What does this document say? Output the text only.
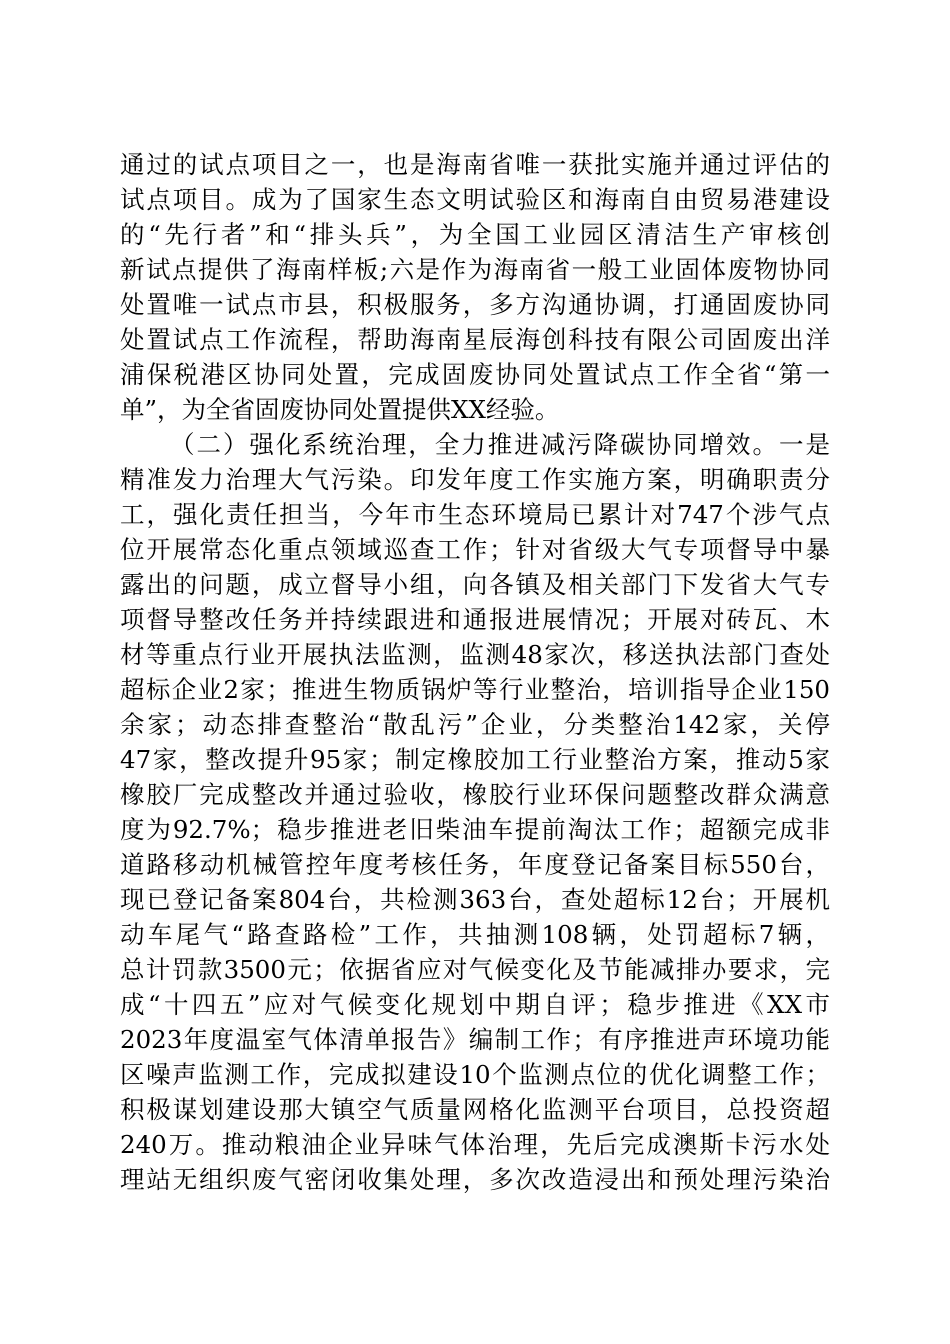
通过的试点项目之一，也是海南省唯一获批实施并通过评估的
试点项目。成为了国家生态文明试验区和海南自由贸易港建设
的“先行者”和“排头兵”，为全国工业园区清洁生产审核创
新试点提供了海南样板;六是作为海南省一般工业固体废物协同
处置唯一试点市县，积极服务，多方沟通协调，打通固废协同
处置试点工作流程，帮助海南星辰海创科技有限公司固废出洋
浦保税港区协同处置，完成固废协同处置试点工作全省“第一
单”，为全省固废协同处置提供XX经验。
（二）强化系统治理，全力推进减污降碳协同增效。一是
精准发力治理大气污染。印发年度工作实施方案，明确职责分
工，强化责任担当，今年市生态环境局已累计对747个涉气点
位开展常态化重点领域巡查工作；针对省级大气专项督导中暴
露出的问题，成立督导小组，向各镇及相关部门下发省大气专
项督导整改任务并持续跟进和通报进展情况；开展对砖瓦、木
材等重点行业开展执法监测，监测48家次，移送执法部门查处
超标企业2家；推进生物质锅炉等行业整治，培训指导企业150
余家；动态排查整治“散乱污”企业，分类整治142家，关停
47家，整改提升95家；制定橡胶加工行业整治方案，推动5家
橡胶厂完成整改并通过验收，橡胶行业环保问题整改群众满意
度为92.7%；稳步推进老旧柴油车提前淘汰工作；超额完成非
道路移动机械管控年度考核任务，年度登记备案目标550台，
现已登记备案804台，共检测363台，查处超标12台；开展机
动车尾气“路查路检”工作，共抽测108辆，处罚超标7辆，
总计罚款3500元；依据省应对气候变化及节能减排办要求，完
成“十四五”应对气候变化规划中期自评；稳步推进《XX市
2023年度温室气体清单报告》编制工作；有序推进声环境功能
区噪声监测工作，完成拟建设10个监测点位的优化调整工作；
积极谋划建设那大镇空气质量网格化监测平台项目，总投资超
240万。推动粮油企业异味气体治理，先后完成澳斯卡污水处
理站无组织废气密闭收集处理，多次改造浸出和预处理污染治
